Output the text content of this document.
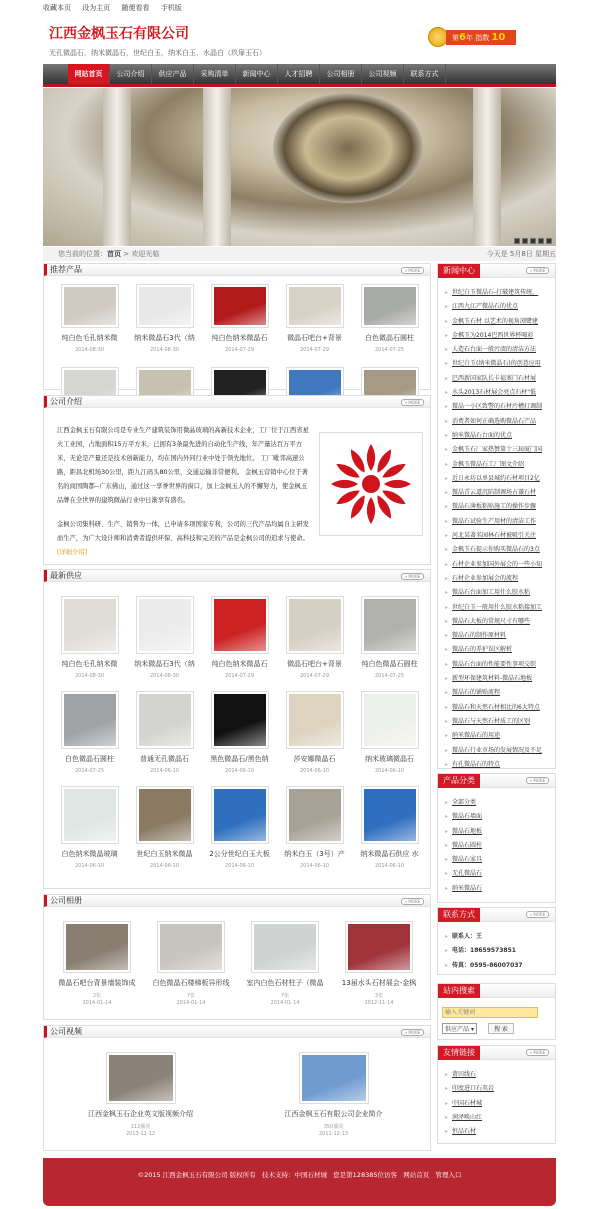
收藏本页 设为主页 随便看看 手机版
江西金枫玉石有限公司
无孔微晶石，纳米微晶石，世纪白玉，纳米白玉，水晶白（玖扉玉石）
第6年 指数 10
网站首页	公司介绍	供应产品	采购清单	新闻中心	人才招聘	公司相册	公司视频	联系方式
您当前的位置：首页 > 欢迎光临	今天是 5月8日 星期五
推荐产品	» MORE
纯白色毛孔纳米微
2014-08-30
纳米微晶石3代（纳
2014-08-30
纯白色纳米微晶石
2014-07-29
微晶石吧台+背景
2014-07-29
白色微晶石圆柱
2014-07-25
公司介绍	» MORE

江西金枫玉石有限公司是专业生产建筑装饰用微晶玻璃的高新技术企业，工厂位于江西省星火工业园，占地面积15万平方米，已拥有3条最先进的自动化生产线，年产量达百万平方米，无论是产量还是技术创新能力，均在国内外同行业中处于领先地位。 工厂毗邻高速公路，距昌北机场30公里，距九江码头80公里，交通运输非常便利。 金枫玉营销中心位于著名的商国陶都--广东佛山，通过这一享誉世界的窗口，加上金枫玉人的不懈努力，使金枫玉品牌在全世界的建筑微晶行业中日渐享有盛名。

金枫公司集科研、生产、销售为一体，已申请多项国家专利，公司的三代产品均属自主研发而生产，为广大设计师和消费者提供环保、高科技和完美的产品是金枫公司的追求与使命。 [详细介绍]

最新供应	» MORE
纯白色毛孔纳米微
2014-08-30
纳米微晶石3代（纳
2014-08-30
纯白色纳米微晶石
2014-07-29
微晶石吧台+背景
2014-07-29
纯白色微晶石圆柱
2014-07-25
白色微晶石圆柱
2014-07-25
普通无孔微晶石
2014-06-10
黑色微晶石/黑色纳
2014-06-10
莎安娜微晶石
2014-06-10
纳米玻璃微晶石
2014-06-10
白色纳米微晶玻璃
2014-06-10
世纪白玉纳米微晶
2014-06-10
2公分世纪白玉大板
2014-06-10
纳米白玉（3号）产
2014-06-10
纳米微晶石供应 水
2014-06-10
公司相册	» MORE
微晶石吧台背景墙装饰成
2张
2014-01-14
白色微晶石楼梯板异形线
7张
2014-01-14
室内白色石材柱子（微晶
7张
2014-01-14
13届水头石材展会-金枫
3张
2012-11-14
公司视频	» MORE
江西金枫玉石企业英文版视频介绍
112播放
2013-11-12
江西金枫玉石有限公司企业简介
350播放
2011-12-13
新闻中心	» MORE
▸ 世纪白玉微晶石-打破建筑传统，
▸ 江西九江产微晶石的优点
▸ 金枫玉石材 以艺术的视角浏鹭建
▸ 金枫玉为2014巴西世界杯喝彩
▸ 人造石台面一般污渍的清洁方法
▸ 世纪白玉(纳米微晶石)的创意应用
▸ 巴西新国家队长卡福塞门石材展
▸ 水头2013石材展会亮点石材"低
▸ 微晶一小区致警的石材污槽打调制
▸ 消费者如何正确选购微晶石产品
▸ 纳米微晶石台面的优点
▸ 金枫玉石厂家热赞第十三届厦门国
▸ 金枫玉微晶石工厂图文介绍
▸ 近日永坊以单县城约石材项目2亿
▸ 微晶青云道沉陷制调场占谦石材
▸ 微晶石薄板粘贴施工的操作步骤
▸ 微晶石试验生产用材的清洁工作
▸ 河北某著名园林石材被吸引关注
▸ 金枫玉石提示你购买微晶石的3点
▸ 石材企业参加国外展会的一些小知
▸ 石材企业参加展会的流程
▸ 微晶石台面加工用什么胶水粘
▸ 世纪白玉一般用什么胶水粘接加工
▸ 微晶石大板的常规尺寸有哪些
▸ 微晶石的制作原材料
▸ 微晶石的养护误区解析
▸ 微晶石台面的性能要性事项交织
▸ 新型环保建筑材料-微晶石地板
▸ 微晶石的铺贴流程
▸ 微晶石和天然石材相比的6大特点
▸ 微晶石与天然石材质工的区别
▸ 纳米微晶石的用途
▸ 微晶石行业市场的发展情况及不足
▸ 有孔微晶石的特点
产品分类	» MORE
▸ 全部分类
▸ 微晶石墙面
▸ 微晶石地板
▸ 微晶石圆柱
▸ 微晶石家具
▸ 无孔微晶石
▸ 纳米微晶石
联系方式	» MORE
▸ 联系人：王
▸ 电话：18659573851
▸ 传真：0595-86007037
站内搜索
输入关键词
供应产品 ▾	搜 索
友情链接	» MORE
▸ 莆田线石
▸ 印度进口石英岩
▸ 中国石材城
▸ 润泽唤山红
▸ 恒品石材
©2015 江西金枫玉石有限公司 版权所有 技术支持：中国石材城 您是第128385位访客 网站首页 管理入口
